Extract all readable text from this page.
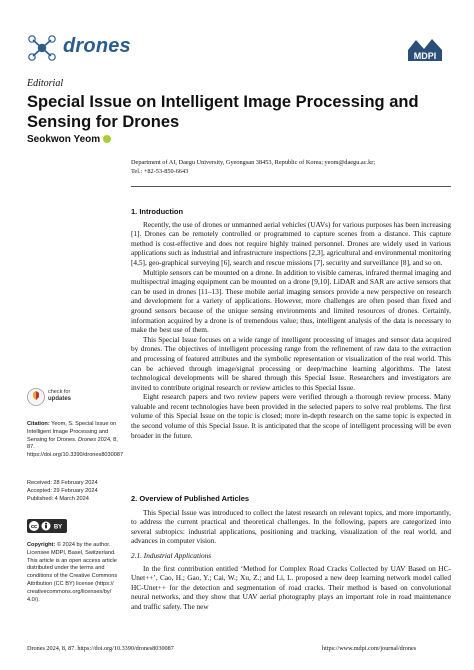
drones	MDPI
Editorial
Special Issue on Intelligent Image Processing and Sensing for Drones
Seokwon Yeom
Department of AI, Daegu University, Gyeongsan 38453, Republic of Korea; yeom@daegu.ac.kr;
Tel.: +82-53-850-6643
1. Introduction

Recently, the use of drones or unmanned aerial vehicles (UAVs) for various purposes has been increasing [1]. Drones can be remotely controlled or programmed to capture scenes from a distance. This capture method is cost-effective and does not require highly trained personnel. Drones are widely used in various applications such as industrial and infrastructure inspections [2,3], agricultural and environmental monitoring [4,5], geo-graphical surveying [6], search and rescue missions [7], security and surveillance [8], and so on.

Multiple sensors can be mounted on a drone. In addition to visible cameras, infrared thermal imaging and multispectral imaging equipment can be mounted on a drone [9,10]. LiDAR and SAR are active sensors that can be used in drones [11–13]. These mobile aerial imaging sensors provide a new perspective on research and development for a variety of applications. However, more challenges are often posed than fixed and ground sensors because of the unique sensing environments and limited resources of drones. Certainly, information acquired by a drone is of tremendous value; thus, intelligent analysis of the data is necessary to make the best use of them.

This Special Issue focuses on a wide range of intelligent processing of images and sensor data acquired by drones. The objectives of intelligent processing range from the refinement of raw data to the extraction and processing of featured attributes and the symbolic representation or visualization of the real world. This can be achieved through image/signal processing or deep/machine learning algorithms. The latest technological developments will be shared through this Special Issue. Researchers and investigators are invited to contribute original research or review articles to this Special Issue.

Eight research papers and two review papers were verified through a thorough review process. Many valuable and recent technologies have been provided in the selected papers to solve real problems. The first volume of this Special Issue on the topic is closed; more in-depth research on the same topic is expected in the second volume of this Special Issue. It is anticipated that the scope of intelligent processing will be even broader in the future.

2. Overview of Published Articles

This Special Issue was introduced to collect the latest research on relevant topics, and more importantly, to address the current practical and theoretical challenges. In the following, papers are categorized into several subtopics: industrial applications, positioning and tracking, visualization of the real world, and advances in computer vision.

2.1. Industrial Applications

In the first contribution entitled ‘Method for Complex Road Cracks Collected by UAV Based on HC-Unet++’, Cao, H.; Gao, Y.; Cai, W.; Xu, Z.; and Li, L. proposed a new deep learning network model called HC-Unet++ for the detection and segmentation of road cracks. Their method is based on convolutional neural networks, and they show that UAV aerial photography plays an important role in road maintenance and traffic safety. The new

check for
updates
Citation: Yeom, S. Special Issue on Intelligent Image Processing and Sensing for Drones. Drones 2024, 8, 87. https://doi.org/10.3390/drones8030087
Received: 28 February 2024
Accepted: 29 February 2024
Published: 4 March 2024
cc	BY
Copyright: © 2024 by the author. Licensee MDPI, Basel, Switzerland. This article is an open access article distributed under the terms and conditions of the Creative Commons Attribution (CC BY) license (https:// creativecommons.org/licenses/by/ 4.0/).
Drones 2024, 8, 87. https://doi.org/10.3390/drones8030087	https://www.mdpi.com/journal/drones
